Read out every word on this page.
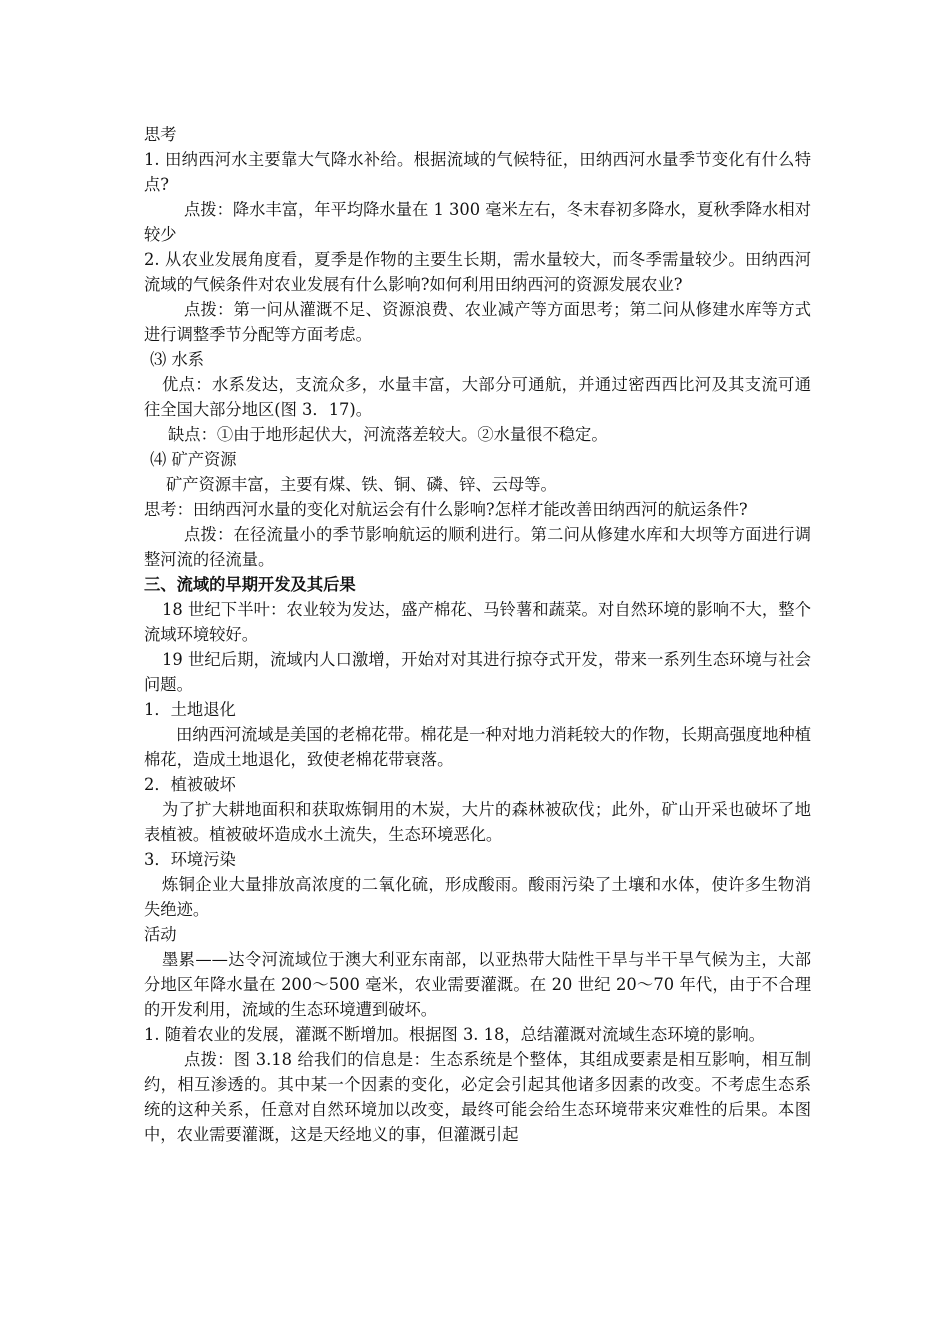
思考

1. 田纳西河水主要靠大气降水补给。根据流域的气候特征，田纳西河水量季节变化有什么特点?

点拨：降水丰富，年平均降水量在 1 300 毫米左右，冬末春初多降水，夏秋季降水相对较少

2. 从农业发展角度看，夏季是作物的主要生长期，需水量较大，而冬季需量较少。田纳西河流域的气候条件对农业发展有什么影响?如何利用田纳西河的资源发展农业?

点拨：第一问从灌溉不足、资源浪费、农业减产等方面思考；第二问从修建水库等方式进行调整季节分配等方面考虑。

⑶ 水系

优点：水系发达，支流众多，水量丰富，大部分可通航，并通过密西西比河及其支流可通往全国大部分地区(图 3．17)。

缺点：①由于地形起伏大，河流落差较大。②水量很不稳定。

⑷ 矿产资源

矿产资源丰富，主要有煤、铁、铜、磷、锌、云母等。

思考：田纳西河水量的变化对航运会有什么影响?怎样才能改善田纳西河的航运条件?

点拨：在径流量小的季节影响航运的顺利进行。第二问从修建水库和大坝等方面进行调整河流的径流量。

三、流域的早期开发及其后果

18 世纪下半叶：农业较为发达，盛产棉花、马铃薯和蔬菜。对自然环境的影响不大，整个流域环境较好。

19 世纪后期，流域内人口激增，开始对对其进行掠夺式开发，带来一系列生态环境与社会问题。

1．土地退化

田纳西河流域是美国的老棉花带。棉花是一种对地力消耗较大的作物，长期高强度地种植棉花，造成土地退化，致使老棉花带衰落。

2．植被破坏

为了扩大耕地面积和获取炼铜用的木炭，大片的森林被砍伐；此外，矿山开采也破坏了地表植被。植被破坏造成水土流失，生态环境恶化。

3．环境污染

炼铜企业大量排放高浓度的二氧化硫，形成酸雨。酸雨污染了土壤和水体，使许多生物消失绝迹。

活动

墨累——达令河流域位于澳大利亚东南部，以亚热带大陆性干旱与半干旱气候为主，大部分地区年降水量在 200～500 毫米，农业需要灌溉。在 20 世纪 20～70 年代，由于不合理的开发利用，流域的生态环境遭到破坏。

1. 随着农业的发展，灌溉不断增加。根据图 3. 18，总结灌溉对流域生态环境的影响。

点拨：图 3.18 给我们的信息是：生态系统是个整体，其组成要素是相互影响，相互制约，相互渗透的。其中某一个因素的变化，必定会引起其他诸多因素的改变。不考虑生态系统的这种关系，任意对自然环境加以改变，最终可能会给生态环境带来灾难性的后果。本图中，农业需要灌溉，这是天经地义的事，但灌溉引起
